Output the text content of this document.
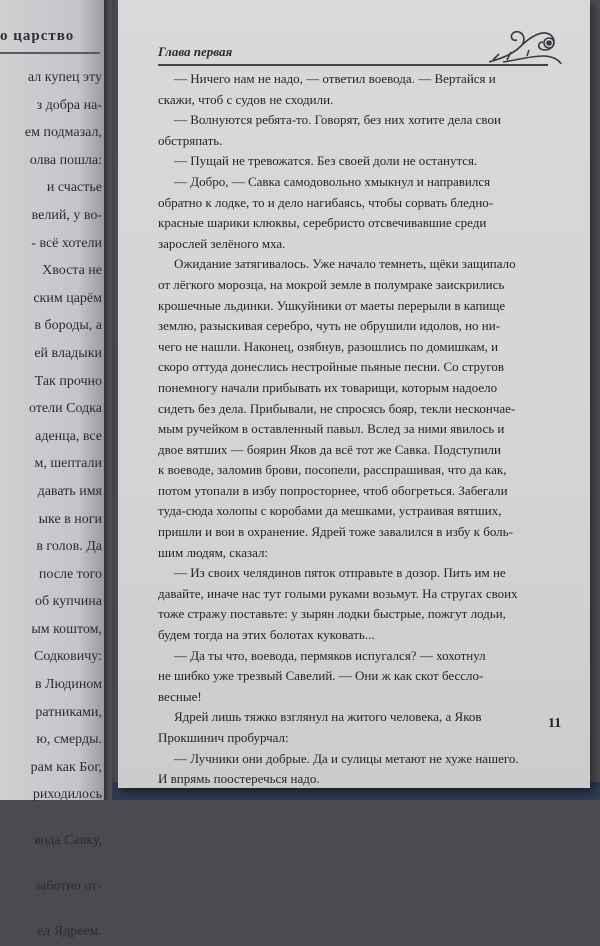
о царство
ал купец эту
з добра на-
ем подмазал,
олва пошла:
и счастье
велий, у во-
- всё хотели
Хвоста не
ским царём
в бороды, а
ей владыки
Так прочно
отели Содка
аденца, все
м, шептали
давать имя
ыке в ноги
в голов. Да
после того
об купчина
ым коштом,
Содковичу:
в Людином
ратниками,
ю, смерды.
рам как Бог,
риходилось
вода Савку,
заботно от-
ед Ядреем.
Глава первая
— Ничего нам не надо, — ответил воевода. — Вертайся и
скажи, чтоб с судов не сходили.
— Волнуются ребята-то. Говорят, без них хотите дела свои
обстряпать.
— Пущай не тревожатся. Без своей доли не останутся.
— Добро, — Савка самодовольно хмыкнул и направился
обратно к лодке, то и дело нагибаясь, чтобы сорвать бледно-
красные шарики клюквы, серебристо отсвечивавшие среди
зарослей зелёного мха.
Ожидание затягивалось. Уже начало темнеть, щёки защипало
от лёгкого морозца, на мокрой земле в полумраке заискрились
крошечные льдинки. Ушкуйники от маеты перерыли в капище
землю, разыскивая серебро, чуть не обрушили идолов, но ни-
чего не нашли. Наконец, озябнув, разошлись по домишкам, и
скоро оттуда донеслись нестройные пьяные песни. Со стругов
понемногу начали прибывать их товарищи, которым надоело
сидеть без дела. Прибывали, не спросясь бояр, текли нескончае-
мым ручейком в оставленный павыл. Вслед за ними явилось и
двое вятших — боярин Яков да всё тот же Савка. Подступили
к воеводе, заломив брови, посопели, расспрашивая, что да как,
потом утопали в избу попросторнее, чтоб обогреться. Забегали
туда-сюда холопы с коробами да мешками, устраивая вятших,
пришли и вои в охранение. Ядрей тоже завалился в избу к боль-
шим людям, сказал:
— Из своих челядинов пяток отправьте в дозор. Пить им не
давайте, иначе нас тут голыми руками возьмут. На стругах своих
тоже стражу поставьте: у зырян лодки быстрые, пожгут лодьи,
будем тогда на этих болотах куковать...
— Да ты что, воевода, пермяков испугался? — хохотнул
не шибко уже трезвый Савелий. — Они ж как скот бессло-
весные!
Ядрей лишь тяжко взглянул на житого человека, а Яков
Прокшинич пробурчал:
— Лучники они добрые. Да и сулицы метают не хуже нашего.
И впрямь поостеречься надо.
11
